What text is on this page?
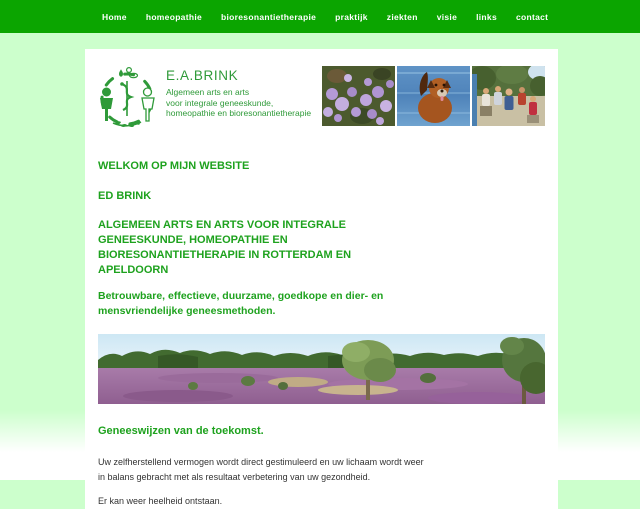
Home homeopathie bioresonantietherapie praktijk ziekten visie links contact
E.A.BRINK
Algemeen arts en arts
voor integrale geneeskunde,
homeopathie en bioresonantietherapie
WELKOM OP MIJN WEBSITE
ED BRINK
ALGEMEEN ARTS EN ARTS VOOR INTEGRALE
GENEESKUNDE, HOMEOPATHIE EN
BIORESONANTIETHERAPIE IN ROTTERDAM EN
APELDOORN
Betrouwbare, effectieve, duurzame, goedkope en dier- en
mensvriendelijke geneesmethoden.
Geneeswijzen van de toekomst.
Uw zelfherstellend vermogen wordt direct gestimuleerd en uw lichaam wordt weer
in balans gebracht met als resultaat verbetering van uw gezondheid.
Er kan weer heelheid ontstaan.
